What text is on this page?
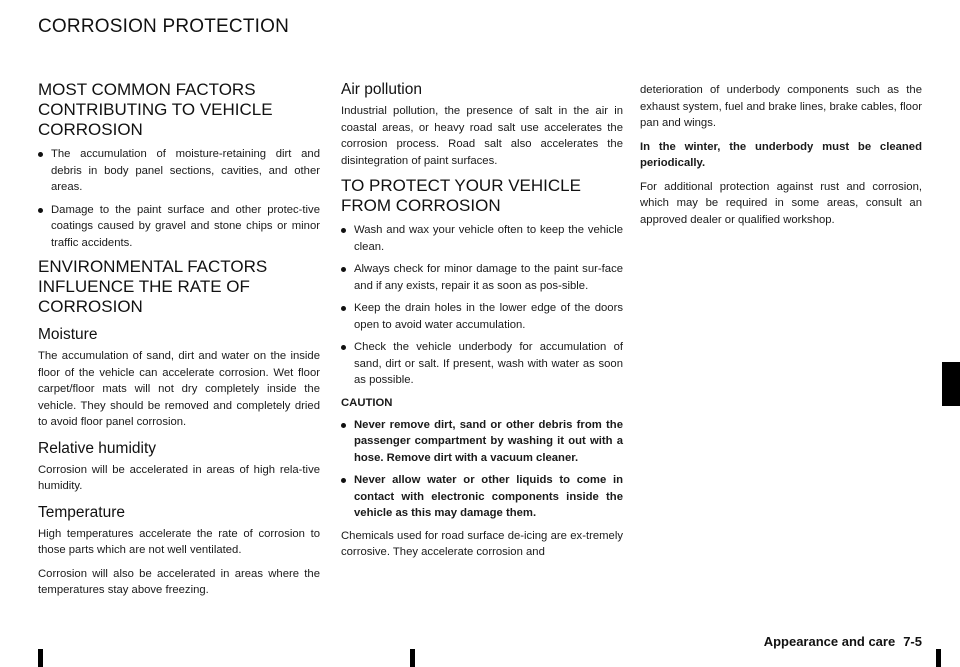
CORROSION PROTECTION
MOST COMMON FACTORS CONTRIBUTING TO VEHICLE CORROSION
The accumulation of moisture-retaining dirt and debris in body panel sections, cavities, and other areas.
Damage to the paint surface and other protec-tive coatings caused by gravel and stone chips or minor traffic accidents.
ENVIRONMENTAL FACTORS INFLUENCE THE RATE OF CORROSION
Moisture

The accumulation of sand, dirt and water on the inside floor of the vehicle can accelerate corrosion. Wet floor carpet/floor mats will not dry completely inside the vehicle. They should be removed and completely dried to avoid floor panel corrosion.

Relative humidity

Corrosion will be accelerated in areas of high rela-tive humidity.

Temperature

High temperatures accelerate the rate of corrosion to those parts which are not well ventilated.

Corrosion will also be accelerated in areas where the temperatures stay above freezing.

Air pollution

Industrial pollution, the presence of salt in the air in coastal areas, or heavy road salt use accelerates the corrosion process. Road salt also accelerates the disintegration of paint surfaces.

TO PROTECT YOUR VEHICLE FROM CORROSION
Wash and wax your vehicle often to keep the vehicle clean.
Always check for minor damage to the paint sur-face and if any exists, repair it as soon as pos-sible.
Keep the drain holes in the lower edge of the doors open to avoid water accumulation.
Check the vehicle underbody for accumulation of sand, dirt or salt. If present, wash with water as soon as possible.
CAUTION
Never remove dirt, sand or other debris from the passenger compartment by washing it out with a hose. Remove dirt with a vacuum cleaner.
Never allow water or other liquids to come in contact with electronic components inside the vehicle as this may damage them.

Chemicals used for road surface de-icing are ex-tremely corrosive. They accelerate corrosion and

deterioration of underbody components such as the exhaust system, fuel and brake lines, brake cables, floor pan and wings.

In the winter, the underbody must be cleaned periodically.

For additional protection against rust and corrosion, which may be required in some areas, consult an approved dealer or qualified workshop.

Appearance and care 7-5
